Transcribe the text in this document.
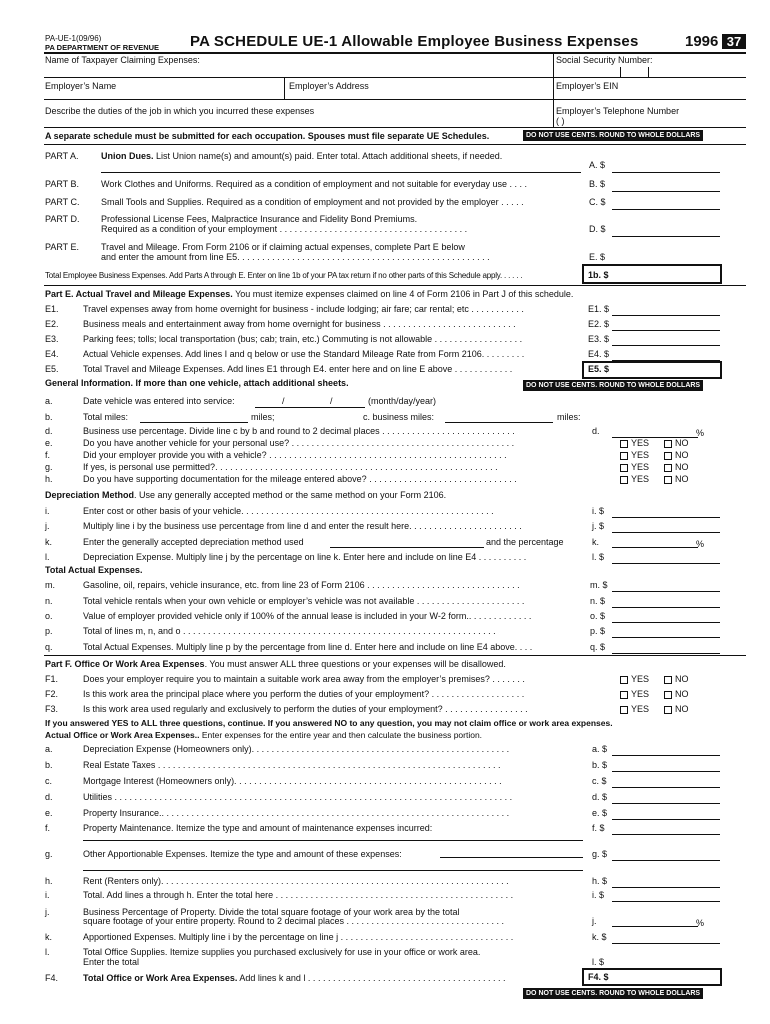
PA-UE-1(09/96)
PA DEPARTMENT OF REVENUE PA SCHEDULE UE-1 Allowable Employee Business Expenses	1996 37
Name of Taxpayer Claiming Expenses:	Social Security Number:
Employer’s Name	Employer’s Address	Employer’s EIN
Describe the duties of the job in which you incurred these expenses	Employer’s Telephone Number
( )
A separate schedule must be submitted for each occupation. Spouses must file separate UE Schedules.	DO NOT USE CENTS. ROUND TO WHOLE DOLLARS
PART A. Union Dues. List Union name(s) and amount(s) paid. Enter total. Attach additional sheets, if needed.
A. $
PART B. Work Clothes and Uniforms. Required as a condition of employment and not suitable for everyday use . . . .	B. $
PART C. Small Tools and Supplies. Required as a condition of employment and not provided by the employer . . . . .	C. $
PART D. Professional License Fees, Malpractice Insurance and Fidelity Bond Premiums.
Required as a condition of your employment . . . . . . . . . . . . . . . . . . . . . . . . . . . . . . . . . . . . . .	D. $
PART E. Travel and Mileage. From Form 2106 or if claiming actual expenses, complete Part E below
and enter the amount from line E5. . . . . . . . . . . . . . . . . . . . . . . . . . . . . . . . . . . . . . . . . . . . . . . . . . .	E. $
Total Employee Business Expenses. Add Parts A through E. Enter on line 1b of your PA tax return if no other parts of this Schedule apply. . . . . .	1b. $
Part E. Actual Travel and Mileage Expenses. You must itemize expenses claimed on line 4 of Form 2106 in Part J of this schedule.
E1.	Travel expenses away from home overnight for business - include lodging; air fare; car rental; etc . . . . . . . . . . .	E1. $
E2.	Business meals and entertainment away from home overnight for business . . . . . . . . . . . . . . . . . . . . . . . . . . .	E2. $
E3.	Parking fees; tolls; local transportation (bus; cab; train, etc.) Commuting is not allowable . . . . . . . . . . . . . . . . . .	E3. $
E4.	Actual Vehicle expenses. Add lines I and q below or use the Standard Mileage Rate from Form 2106. . . . . . . . .	E4. $
E5.	Total Travel and Mileage Expenses. Add lines E1 through E4. enter here and on line E above . . . . . . . . . . . .	E5. $
General Information. If more than one vehicle, attach additional sheets.	DO NOT USE CENTS. ROUND TO WHOLE DOLLARS
a.	Date vehicle was entered into service:	/	/	(month/day/year)
b.	Total miles:	miles;	c. business miles:	miles:
d.	Business use percentage. Divide line c by b and round to 2 decimal places . . . . . . . . . . . . . . . . . . . . . . . . . . .	d.	%
e.	Do you have another vehicle for your personal use? . . . . . . . . . . . . . . . . . . . . . . . . . . . . . . . . . . . . . . . . . . . . .	YES	NO
f.	Did your employer provide you with a vehicle? . . . . . . . . . . . . . . . . . . . . . . . . . . . . . . . . . . . . . . . . . . . . . . . .	YES	NO
g.	If yes, is personal use permitted?. . . . . . . . . . . . . . . . . . . . . . . . . . . . . . . . . . . . . . . . . . . . . . . . . . . . . . . . .	YES	NO
h.	Do you have supporting documentation for the mileage entered above? . . . . . . . . . . . . . . . . . . . . . . . . . . . . . .	YES	NO
Depreciation Method. Use any generally accepted method or the same method on your Form 2106.
i.	Enter cost or other basis of your vehicle. . . . . . . . . . . . . . . . . . . . . . . . . . . . . . . . . . . . . . . . . . . . . . . . . . .	i. $
j.	Multiply line i by the business use percentage from line d and enter the result here. . . . . . . . . . . . . . . . . . . . . . .	j. $
k.	Enter the generally accepted depreciation method used	and the percentage	k.	%
l.	Depreciation Expense. Multiply line j by the percentage on line k. Enter here and include on line E4 . . . . . . . . . .	l. $
Total Actual Expenses.
m.	Gasoline, oil, repairs, vehicle insurance, etc. from line 23 of Form 2106 . . . . . . . . . . . . . . . . . . . . . . . . . . . . . . .	m. $
n.	Total vehicle rentals when your own vehicle or employer’s vehicle was not available . . . . . . . . . . . . . . . . . . . . . .	n. $
o.	Value of employer provided vehicle only if 100% of the annual lease is included in your W-2 form.. . . . . . . . . . . . .	o. $
p.	Total of lines m, n, and o . . . . . . . . . . . . . . . . . . . . . . . . . . . . . . . . . . . . . . . . . . . . . . . . . . . . . . . . . . . . . . .	p. $
q.	Total Actual Expenses. Multiply line p by the percentage from line d. Enter here and include on line E4 above. . . .	q. $
Part F. Office Or Work Area Expenses. You must answer ALL three questions or your expenses will be disallowed.
F1.	Does your employer require you to maintain a suitable work area away from the employer’s premises? . . . . . . .	YES	NO
F2.	Is this work area the principal place where you perform the duties of your employment? . . . . . . . . . . . . . . . . . . .	YES	NO
F3.	Is this work area used regularly and exclusively to perform the duties of your employment? . . . . . . . . . . . . . . . . .	YES	NO
If you answered YES to ALL three questions, continue. If you answered NO to any question, you may not claim office or work area expenses.
Actual Office or Work Area Expenses.. Enter expenses for the entire year and then calculate the business portion.
a.	Depreciation Expense (Homeowners only). . . . . . . . . . . . . . . . . . . . . . . . . . . . . . . . . . . . . . . . . . . . . . . . . . . .	a. $
b.	Real Estate Taxes . . . . . . . . . . . . . . . . . . . . . . . . . . . . . . . . . . . . . . . . . . . . . . . . . . . . . . . . . . . . . . . . . . . . .	b. $
c.	Mortgage Interest (Homeowners only). . . . . . . . . . . . . . . . . . . . . . . . . . . . . . . . . . . . . . . . . . . . . . . . . . . . . .	c. $
d.	Utilities . . . . . . . . . . . . . . . . . . . . . . . . . . . . . . . . . . . . . . . . . . . . . . . . . . . . . . . . . . . . . . . . . . . . . . . . . . . . . . . .	d. $
e.	Property Insurance.. . . . . . . . . . . . . . . . . . . . . . . . . . . . . . . . . . . . . . . . . . . . . . . . . . . . . . . . . . . . . . . . . . . . . .	e. $
f.	Property Maintenance. Itemize the type and amount of maintenance expenses incurred:	f. $
g.	Other Apportionable Expenses. Itemize the type and amount of these expenses:	g. $
h.	Rent (Renters only). . . . . . . . . . . . . . . . . . . . . . . . . . . . . . . . . . . . . . . . . . . . . . . . . . . . . . . . . . . . . . . . . . . . . .	h. $
i.	Total. Add lines a through h. Enter the total here . . . . . . . . . . . . . . . . . . . . . . . . . . . . . . . . . . . . . . . . . . . . . . . .	i. $
j.	Business Percentage of Property. Divide the total square footage of your work area by the total
square footage of your entire property. Round to 2 decimal places . . . . . . . . . . . . . . . . . . . . . . . . . . . . . . . .	j.	%
k.	Apportioned Expenses. Multiply line i by the percentage on line j . . . . . . . . . . . . . . . . . . . . . . . . . . . . . . . . . . .	k. $
l.	Total Office Supplies. Itemize supplies you purchased exclusively for use in your office or work area.
Enter the total	l. $
F4.	Total Office or Work Area Expenses. Add lines k and l . . . . . . . . . . . . . . . . . . . . . . . . . . . . . . . . . . . . . . . .	F4. $
DO NOT USE CENTS. ROUND TO WHOLE DOLLARS
